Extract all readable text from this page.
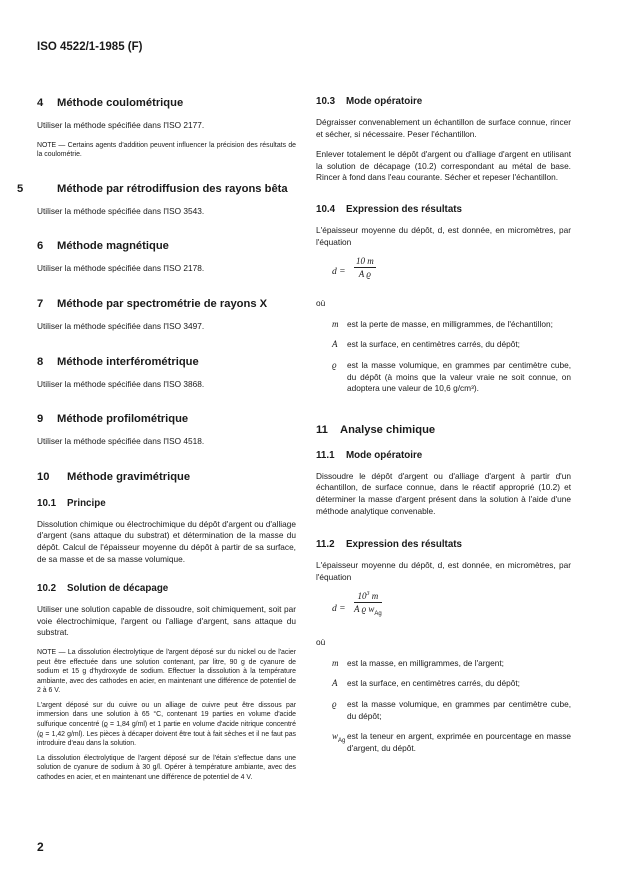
ISO 4522/1-1985 (F)
4 Méthode coulométrique

Utiliser la méthode spécifiée dans l'ISO 2177.

NOTE — Certains agents d'addition peuvent influencer la précision des résultats de la coulométrie.

5	Méthode par rétrodiffusion des rayons bêta

Utiliser la méthode spécifiée dans l'ISO 3543.

6 Méthode magnétique

Utiliser la méthode spécifiée dans l'ISO 2178.

7 Méthode par spectrométrie de rayons X

Utiliser la méthode spécifiée dans l'ISO 3497.

8 Méthode interférométrique

Utiliser la méthode spécifiée dans l'ISO 3868.

9 Méthode profilométrique

Utiliser la méthode spécifiée dans l'ISO 4518.

10 Méthode gravimétrique
10.1 Principe

Dissolution chimique ou électrochimique du dépôt d'argent ou d'alliage d'argent (sans attaque du substrat) et détermination de la masse du dépôt. Calcul de l'épaisseur moyenne du dépôt à partir de sa surface, de sa masse et de sa masse volumique.

10.2 Solution de décapage

Utiliser une solution capable de dissoudre, soit chimiquement, soit par voie électrochimique, l'argent ou l'alliage d'argent, sans attaque du substrat.

NOTE — La dissolution électrolytique de l'argent déposé sur du nickel ou de l'acier peut être effectuée dans une solution contenant, par litre, 90 g de cyanure de sodium et 15 g d'hydroxyde de sodium. Effectuer la dissolution à la température ambiante, avec des cathodes en acier, en maintenant une différence de potentiel de 2 à 6 V.

L'argent déposé sur du cuivre ou un alliage de cuivre peut être dissous par immersion dans une solution à 65 °C, contenant 19 parties en volume d'acide sulfurique concentré (ϱ = 1,84 g/ml) et 1 partie en volume d'acide nitrique concentré (ϱ = 1,42 g/ml). Les pièces à décaper doivent être tout à fait sèches et il ne faut pas introduire d'eau dans la solution.

La dissolution électrolytique de l'argent déposé sur de l'étain s'effectue dans une solution de cyanure de sodium à 30 g/l. Opérer à température ambiante, avec des cathodes en acier, et en maintenant une différence de potentiel de 4 V.

10.3 Mode opératoire

Dégraisser convenablement un échantillon de surface connue, rincer et sécher, si nécessaire. Peser l'échantillon.

Enlever totalement le dépôt d'argent ou d'alliage d'argent en utilisant la solution de décapage (10.2) correspondant au métal de base. Rincer à fond dans l'eau courante. Sécher et repeser l'échantillon.

10.4 Expression des résultats

L'épaisseur moyenne du dépôt, d, est donnée, en micromètres, par l'équation

d =
10 m
A ϱ

où

m est la perte de masse, en milligrammes, de l'échantillon;
A est la surface, en centimètres carrés, du dépôt;
ϱ est la masse volumique, en grammes par centimètre cube, du dépôt (à moins que la valeur vraie ne soit connue, on adoptera une valeur de 10,6 g/cm³).
11 Analyse chimique
11.1 Mode opératoire

Dissoudre le dépôt d'argent ou d'alliage d'argent à partir d'un échantillon, de surface connue, dans le réactif approprié (10.2) et déterminer la masse d'argent présent dans la solution à l'aide d'une méthode analytique convenable.

11.2 Expression des résultats

L'épaisseur moyenne du dépôt, d, est donnée, en micromètres, par l'équation

d =
$10^3$ m
A ϱ $w_{Ag}$

où

m est la masse, en milligrammes, de l'argent;
A est la surface, en centimètres carrés, du dépôt;
ϱ est la masse volumique, en grammes par centimètre cube, du dépôt;
$w_{Ag}$ est la teneur en argent, exprimée en pourcentage en masse d'argent, du dépôt.
2
